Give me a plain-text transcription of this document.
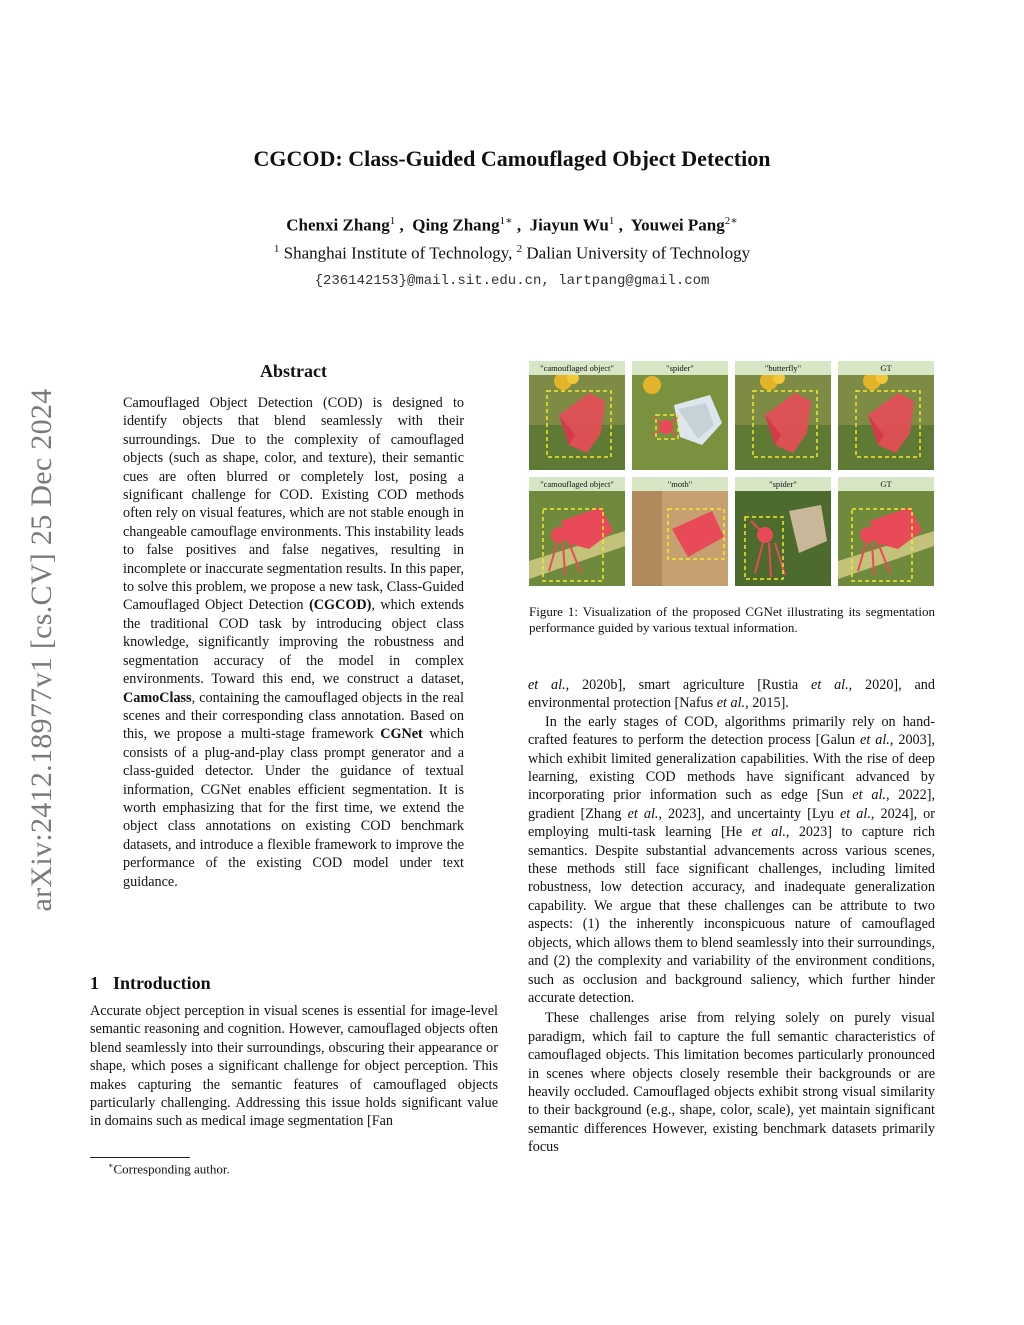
arXiv:2412.18977v1 [cs.CV] 25 Dec 2024
CGCOD: Class-Guided Camouflaged Object Detection
Chenxi Zhang$^1$ ,  Qing Zhang$^{1∗}$ ,  Jiayun Wu$^1$ ,  Youwei Pang$^{2∗}$
$^1$ Shanghai Institute of Technology, $^2$ Dalian University of Technology
{236142153}@mail.sit.edu.cn, lartpang@gmail.com
Abstract
Camouflaged Object Detection (COD) is designed to identify objects that blend seamlessly with their surroundings. Due to the complexity of camouflaged objects (such as shape, color, and texture), their semantic cues are often blurred or completely lost, posing a significant challenge for COD. Existing COD methods often rely on visual features, which are not stable enough in changeable camouflage environments. This instability leads to false positives and false negatives, resulting in incomplete or inaccurate segmentation results. In this paper, to solve this problem, we propose a new task, Class-Guided Camouflaged Object Detection (CGCOD), which extends the traditional COD task by introducing object class knowledge, significantly improving the robustness and segmentation accuracy of the model in complex environments. Toward this end, we construct a dataset, CamoClass, containing the camouflaged objects in the real scenes and their corresponding class annotation. Based on this, we propose a multi-stage framework CGNet which consists of a plug-and-play class prompt generator and a class-guided detector. Under the guidance of textual information, CGNet enables efficient segmentation. It is worth emphasizing that for the first time, we extend the object class annotations on existing COD benchmark datasets, and introduce a flexible framework to improve the performance of the existing COD model under text guidance.
1 Introduction
Accurate object perception in visual scenes is essential for image-level semantic reasoning and cognition. However, camouflaged objects often blend seamlessly into their surroundings, obscuring their appearance or shape, which poses a significant challenge for object perception. This makes capturing the semantic features of camouflaged objects particularly challenging. Addressing this issue holds significant value in domains such as medical image segmentation [Fan
∗Corresponding author.
"camouflaged object"	"spider"	"butterfly"	GT
"camouflaged object"	"moth"	"spider"	GT
Figure 1: Visualization of the proposed CGNet illustrating its segmentation performance guided by various textual information.
et al., 2020b], smart agriculture [Rustia et al., 2020], and environmental protection [Nafus et al., 2015].
In the early stages of COD, algorithms primarily rely on hand-crafted features to perform the detection process [Galun et al., 2003], which exhibit limited generalization capabilities. With the rise of deep learning, existing COD methods have significant advanced by incorporating prior information such as edge [Sun et al., 2022], gradient [Zhang et al., 2023], and uncertainty [Lyu et al., 2024], or employing multi-task learning [He et al., 2023] to capture rich semantics. Despite substantial advancements across various scenes, these methods still face significant challenges, including limited robustness, low detection accuracy, and inadequate generalization capability. We argue that these challenges can be attribute to two aspects: (1) the inherently inconspicuous nature of camouflaged objects, which allows them to blend seamlessly into their surroundings, and (2) the complexity and variability of the environment conditions, such as occlusion and background saliency, which further hinder accurate detection.
These challenges arise from relying solely on purely visual paradigm, which fail to capture the full semantic characteristics of camouflaged objects. This limitation becomes particularly pronounced in scenes where objects closely resemble their backgrounds or are heavily occluded. Camouflaged objects exhibit strong visual similarity to their background (e.g., shape, color, scale), yet maintain significant semantic differences However, existing benchmark datasets primarily focus
